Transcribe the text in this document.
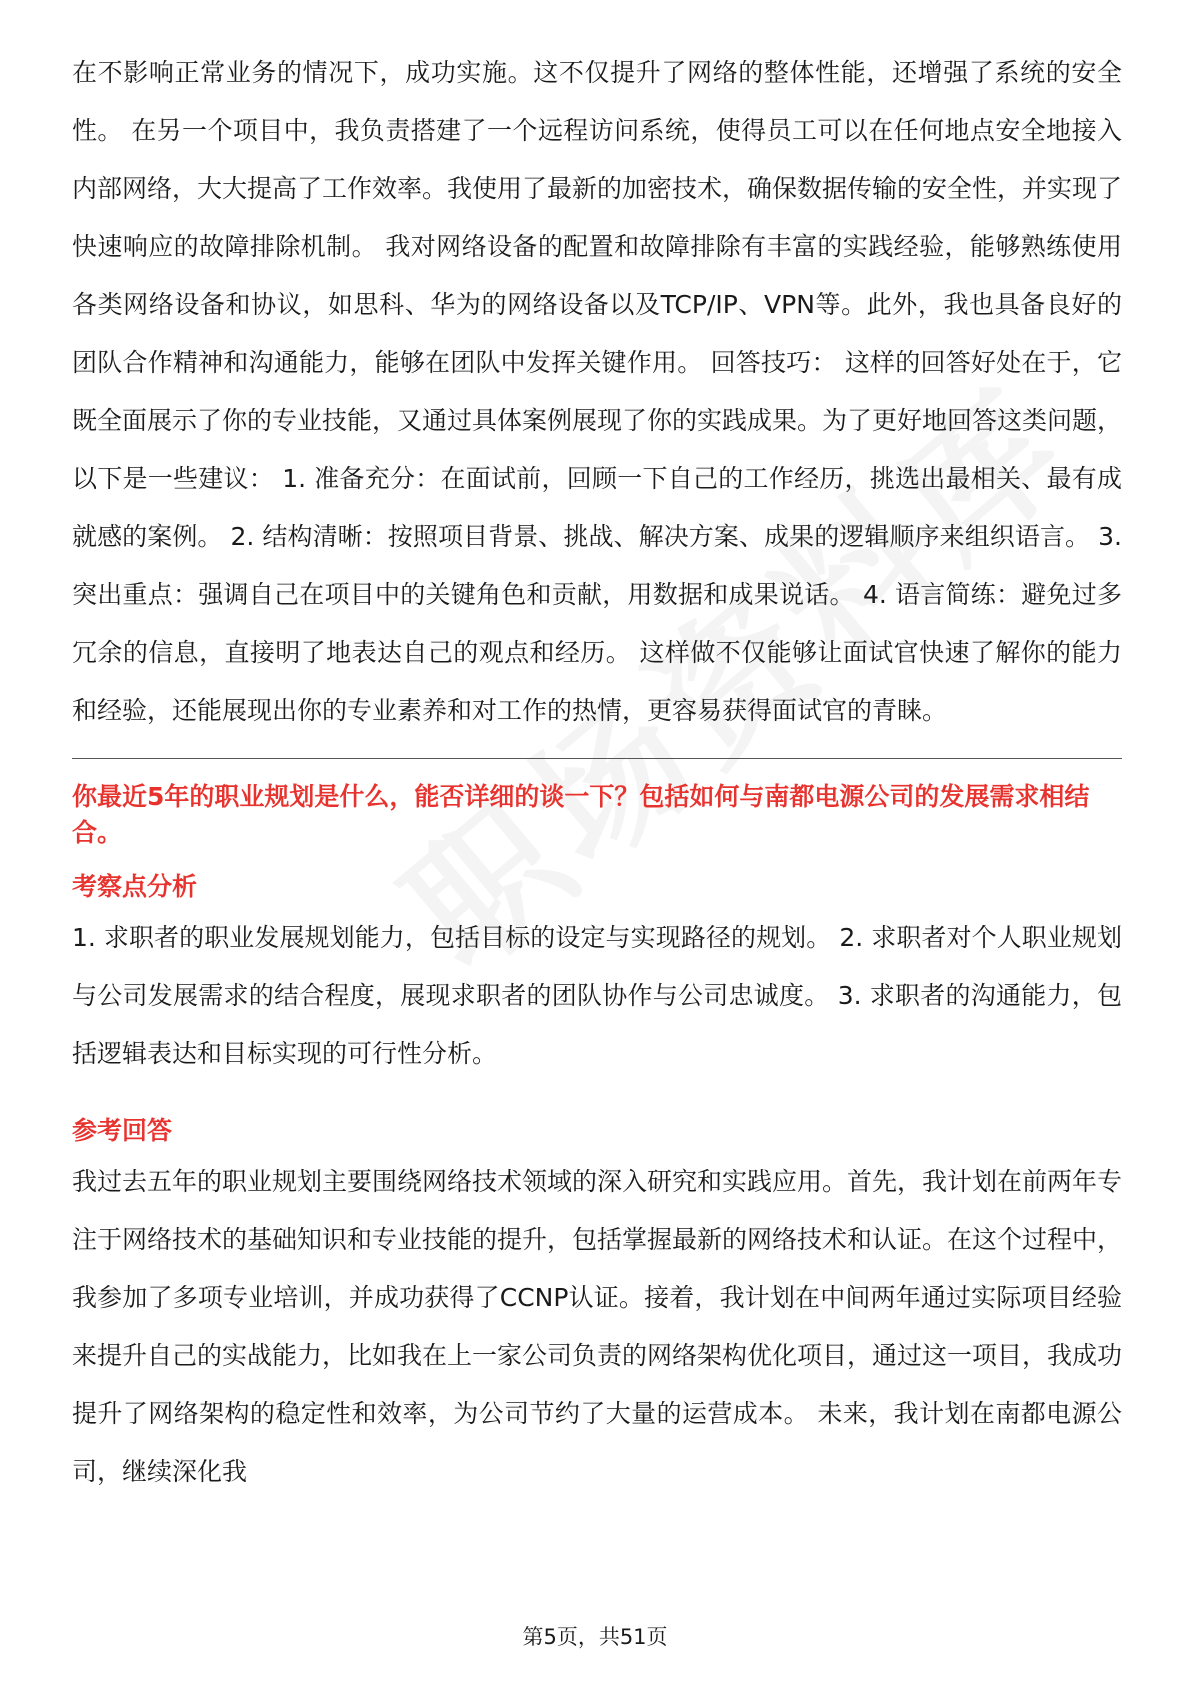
在不影响正常业务的情况下，成功实施。这不仅提升了网络的整体性能，还增强了系统的安全性。 在另一个项目中，我负责搭建了一个远程访问系统，使得员工可以在任何地点安全地接入内部网络，大大提高了工作效率。我使用了最新的加密技术，确保数据传输的安全性，并实现了快速响应的故障排除机制。 我对网络设备的配置和故障排除有丰富的实践经验，能够熟练使用各类网络设备和协议，如思科、华为的网络设备以及TCP/IP、VPN等。此外，我也具备良好的团队合作精神和沟通能力，能够在团队中发挥关键作用。 回答技巧： 这样的回答好处在于，它既全面展示了你的专业技能，又通过具体案例展现了你的实践成果。为了更好地回答这类问题，以下是一些建议： 1. 准备充分：在面试前，回顾一下自己的工作经历，挑选出最相关、最有成就感的案例。 2. 结构清晰：按照项目背景、挑战、解决方案、成果的逻辑顺序来组织语言。 3. 突出重点：强调自己在项目中的关键角色和贡献，用数据和成果说话。 4. 语言简练：避免过多冗余的信息，直接明了地表达自己的观点和经历。 这样做不仅能够让面试官快速了解你的能力和经验，还能展现出你的专业素养和对工作的热情，更容易获得面试官的青睐。

你最近5年的职业规划是什么，能否详细的谈一下？包括如何与南都电源公司的发展需求相结合。

考察点分析

1. 求职者的职业发展规划能力，包括目标的设定与实现路径的规划。 2. 求职者对个人职业规划与公司发展需求的结合程度，展现求职者的团队协作与公司忠诚度。 3. 求职者的沟通能力，包括逻辑表达和目标实现的可行性分析。

参考回答

我过去五年的职业规划主要围绕网络技术领域的深入研究和实践应用。首先，我计划在前两年专注于网络技术的基础知识和专业技能的提升，包括掌握最新的网络技术和认证。在这个过程中，我参加了多项专业培训，并成功获得了CCNP认证。接着，我计划在中间两年通过实际项目经验来提升自己的实战能力，比如我在上一家公司负责的网络架构优化项目，通过这一项目，我成功提升了网络架构的稳定性和效率，为公司节约了大量的运营成本。 未来，我计划在南都电源公司，继续深化我

第5页，共51页
